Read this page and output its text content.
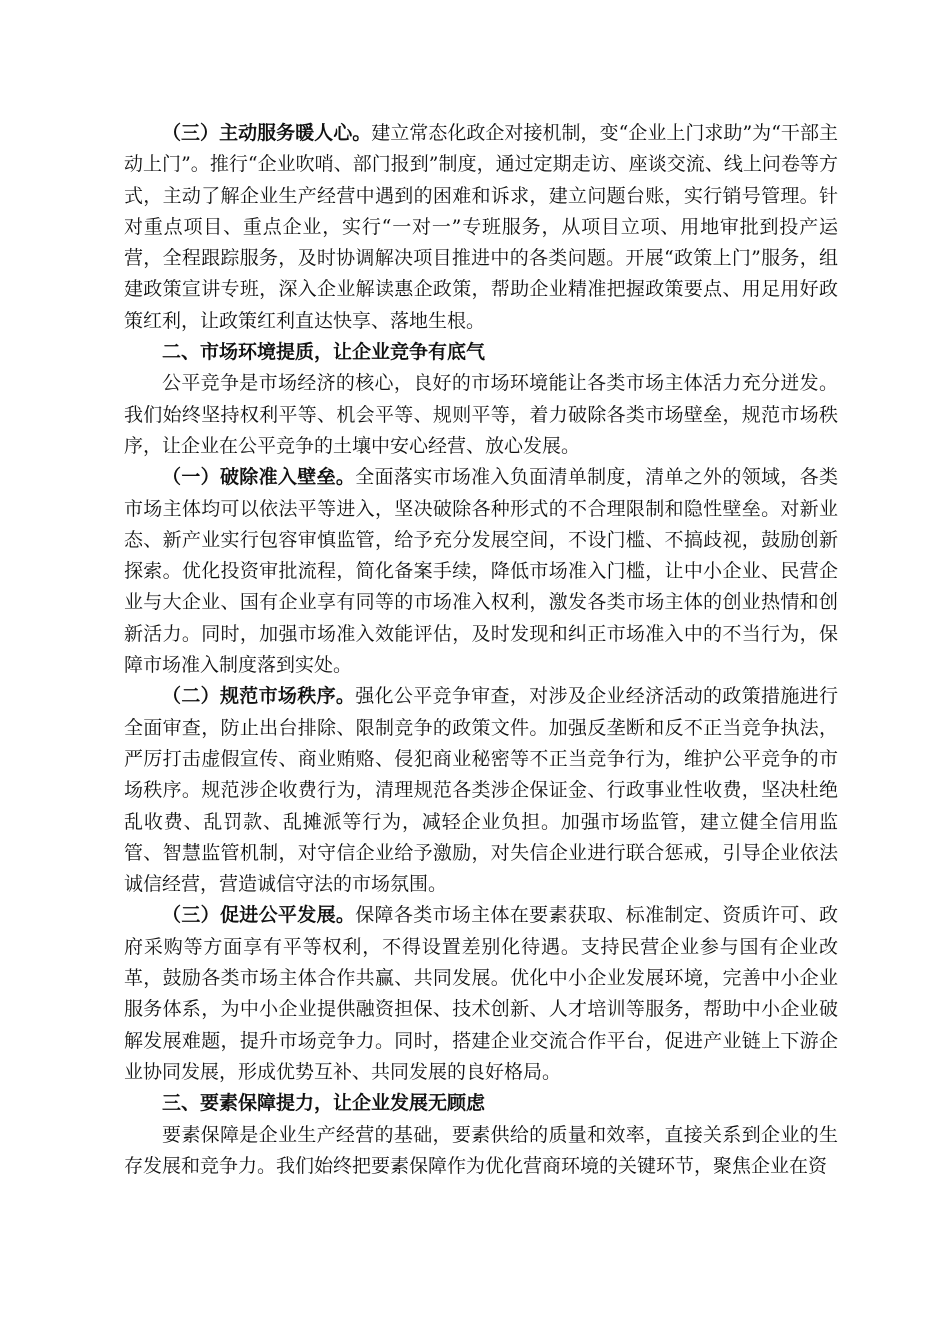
（三）主动服务暖人心。建立常态化政企对接机制，变“企业上门求助”为“干部主动上门”。推行“企业吹哨、部门报到”制度，通过定期走访、座谈交流、线上问卷等方式，主动了解企业生产经营中遇到的困难和诉求，建立问题台账，实行销号管理。针对重点项目、重点企业，实行“一对一”专班服务，从项目立项、用地审批到投产运营，全程跟踪服务，及时协调解决项目推进中的各类问题。开展“政策上门”服务，组建政策宣讲专班，深入企业解读惠企政策，帮助企业精准把握政策要点、用足用好政策红利，让政策红利直达快享、落地生根。

二、市场环境提质，让企业竞争有底气

公平竞争是市场经济的核心，良好的市场环境能让各类市场主体活力充分迸发。我们始终坚持权利平等、机会平等、规则平等，着力破除各类市场壁垒，规范市场秩序，让企业在公平竞争的土壤中安心经营、放心发展。

（一）破除准入壁垒。全面落实市场准入负面清单制度，清单之外的领域，各类市场主体均可以依法平等进入，坚决破除各种形式的不合理限制和隐性壁垒。对新业态、新产业实行包容审慎监管，给予充分发展空间，不设门槛、不搞歧视，鼓励创新探索。优化投资审批流程，简化备案手续，降低市场准入门槛，让中小企业、民营企业与大企业、国有企业享有同等的市场准入权利，激发各类市场主体的创业热情和创新活力。同时，加强市场准入效能评估，及时发现和纠正市场准入中的不当行为，保障市场准入制度落到实处。

（二）规范市场秩序。强化公平竞争审查，对涉及企业经济活动的政策措施进行全面审查，防止出台排除、限制竞争的政策文件。加强反垄断和反不正当竞争执法，严厉打击虚假宣传、商业贿赂、侵犯商业秘密等不正当竞争行为，维护公平竞争的市场秩序。规范涉企收费行为，清理规范各类涉企保证金、行政事业性收费，坚决杜绝乱收费、乱罚款、乱摊派等行为，减轻企业负担。加强市场监管，建立健全信用监管、智慧监管机制，对守信企业给予激励，对失信企业进行联合惩戒，引导企业依法诚信经营，营造诚信守法的市场氛围。

（三）促进公平发展。保障各类市场主体在要素获取、标准制定、资质许可、政府采购等方面享有平等权利，不得设置差别化待遇。支持民营企业参与国有企业改革，鼓励各类市场主体合作共赢、共同发展。优化中小企业发展环境，完善中小企业服务体系，为中小企业提供融资担保、技术创新、人才培训等服务，帮助中小企业破解发展难题，提升市场竞争力。同时，搭建企业交流合作平台，促进产业链上下游企业协同发展，形成优势互补、共同发展的良好格局。

三、要素保障提力，让企业发展无顾虑

要素保障是企业生产经营的基础，要素供给的质量和效率，直接关系到企业的生存发展和竞争力。我们始终把要素保障作为优化营商环境的关键环节，聚焦企业在资
